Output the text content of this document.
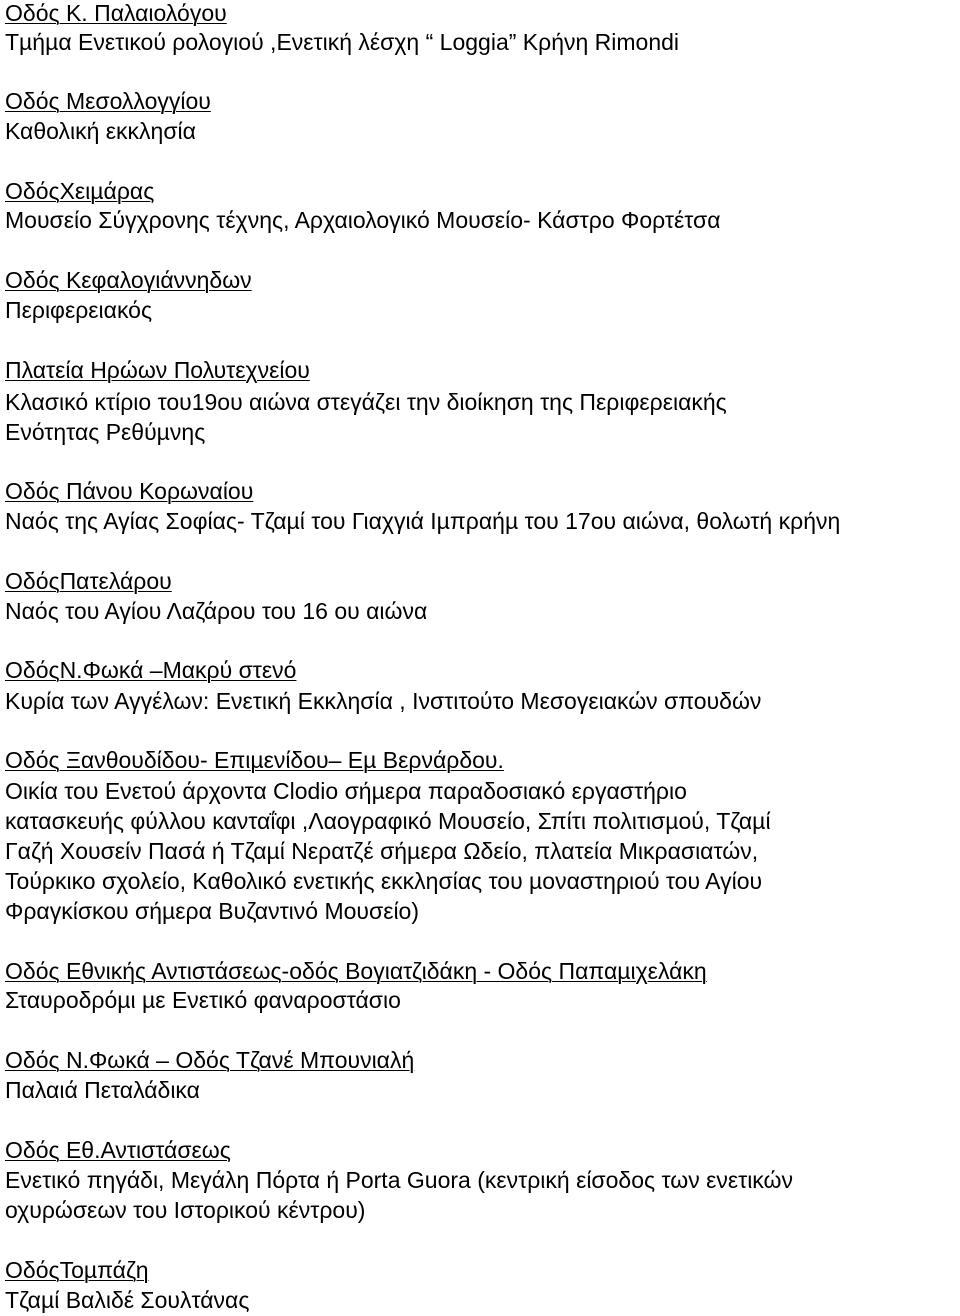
Οδός Κ. Παλαιολόγου
Τµήµα Ενετικού ρολογιού ,Ενετική λέσχη “ Loggia” Κρήνη Rimondi
Οδός Μεσολλογγίου
Καθολική εκκλησία
ΟδόςΧειµάρας
Μουσείο Σύγχρονης τέχνης, Αρχαιολογικό Μουσείο- Κάστρο Φορτέτσα
Οδός Κεφαλογιάννηδων
Περιφερειακός
Πλατεία Ηρώων Πολυτεχνείου
Κλασικό κτίριο του19ου αιώνα στεγάζει την διοίκηση της Περιφερειακής
Ενότητας Ρεθύµνης
Οδός Πάνου Κορωναίου
Ναός της Αγίας Σοφίας- Τζαµί του Γιαχγιά Ιµπραήµ του 17ου αιώνα, θολωτή κρήνη
ΟδόςΠατελάρου
Ναός του Αγίου Λαζάρου του 16 ου αιώνα
ΟδόςΝ.Φωκά –Μακρύ στενό
Κυρία των Αγγέλων: Ενετική Εκκλησία , Ινστιτούτο Μεσογειακών σπουδών
Οδός Ξανθουδίδου- Επιµενίδου– Εµ Βερνάρδου.
Οικία του Ενετού άρχοντα Clodio σήµερα παραδοσιακό εργαστήριο
κατασκευής φύλλου κανταΐφι ,Λαογραφικό Μουσείο, Σπίτι πολιτισµού, Τζαµί
Γαζή Χουσείν Πασά ή Τζαµί Νερατζέ σήµερα Ωδείο, πλατεία Μικρασιατών,
Τούρκικο σχολείο, Καθολικό ενετικής εκκλησίας του µοναστηριού του Αγίου
Φραγκίσκου σήµερα Βυζαντινό Μουσείο)
Οδός Εθνικής Αντιστάσεως-οδός Βογιατζιδάκη - Οδός Παπαµιχελάκη
Σταυροδρόµι µε Ενετικό φαναροστάσιο
Οδός Ν.Φωκά – Οδός Τζανέ Μπουνιαλή
Παλαιά Πεταλάδικα
Οδός Εθ.Αντιστάσεως
Ενετικό πηγάδι, Μεγάλη Πόρτα ή Porta Guora (κεντρική είσοδος των ενετικών
οχυρώσεων του Ιστορικού κέντρου)
ΟδόςΤοµπάζη
Τζαµί Βαλιδέ Σουλτάνας
